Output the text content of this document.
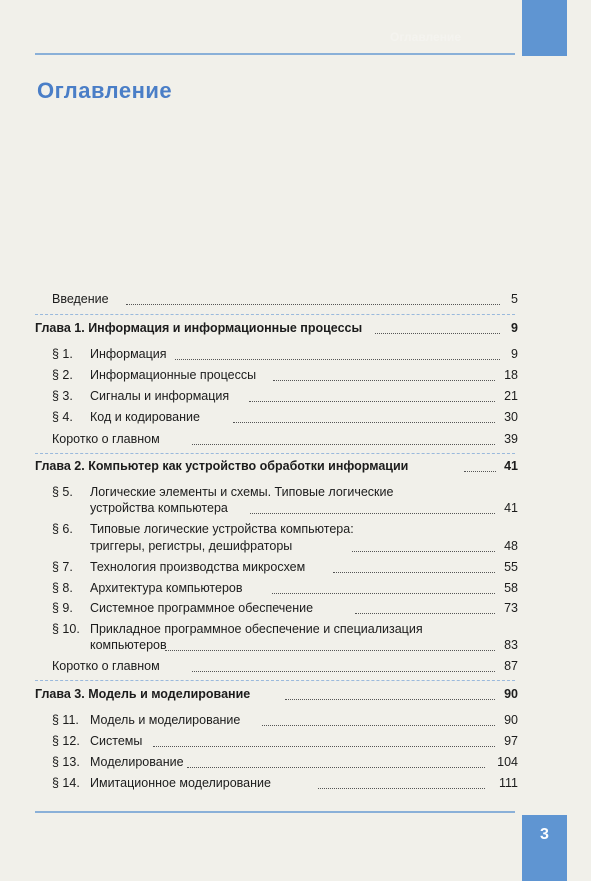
Оглавление
Оглавление
Введение	5
Глава 1. Информация и информационные процессы	9
§ 1. Информация	9
§ 2. Информационные процессы	18
§ 3. Сигналы и информация	21
§ 4. Код и кодирование	30
Коротко о главном	39
Глава 2. Компьютер как устройство обработки информации	41
§ 5. Логические элементы и схемы. Типовые логические
устройства компьютера	41
§ 6. Типовые логические устройства компьютера:
триггеры, регистры, дешифраторы	48
§ 7. Технология производства микросхем	55
§ 8. Архитектура компьютеров	58
§ 9. Системное программное обеспечение	73
§ 10. Прикладное программное обеспечение и специализация
компьютеров	83
Коротко о главном	87
Глава 3. Модель и моделирование	90
§ 11. Модель и моделирование	90
§ 12. Системы	97
§ 13. Моделирование	104
§ 14. Имитационное моделирование	111
3
